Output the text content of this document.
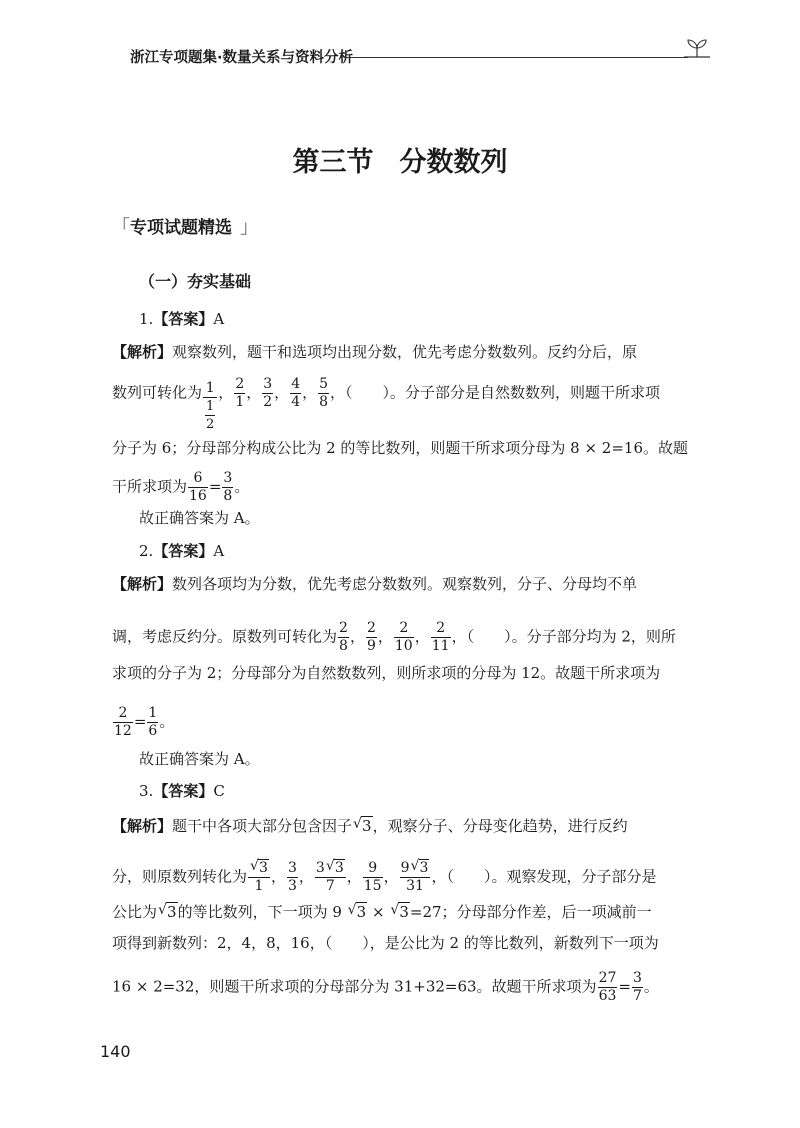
浙江专项题集·数量关系与资料分析
第三节 分数数列
「专项试题精选 」
（一）夯实基础
1.【答案】A
【解析】观察数列，题干和选项均出现分数，优先考虑分数数列。反约分后，原
数列可转化为 $\frac{1}{\frac{1}{2}}$ ， $\frac{2}{1}$ ， $\frac{3}{2}$ ， $\frac{4}{4}$ ， $\frac{5}{8}$ ，（　　）。分子部分是自然数数列，则题干所求项
分子为 6；分母部分构成公比为 2 的等比数列，则题干所求项分母为 8 × 2=16。故题
干所求项为 $\frac{6}{16} = \frac{3}{8}$ 。
故正确答案为 A。
2.【答案】A
【解析】数列各项均为分数，优先考虑分数数列。观察数列，分子、分母均不单
调，考虑反约分。原数列可转化为 $\frac{2}{8}$ ， $\frac{2}{9}$ ， $\frac{2}{10}$ ， $\frac{2}{11}$ ，（　　）。分子部分均为 2，则所
求项的分子为 2；分母部分为自然数数列，则所求项的分母为 12。故题干所求项为
$\frac{2}{12} = \frac{1}{6}$ 。
故正确答案为 A。
3.【答案】C
【解析】题干中各项大部分包含因子 √ 3，观察分子、分母变化趋势，进行反约
分，则原数列转化为 √ $\frac{3}{1}$ ， $\frac{3}{3}$ ， $\frac{3 √ 3}{7}$ ， $\frac{9}{15}$ ， $\frac{9 √ 3}{31}$ ，（　　）。观察发现，分子部分是
公比为 √ 3的等比数列，下一项为 9 √ 3 × √ 3=27；分母部分作差，后一项减前一
项得到新数列：2，4，8，16，（　　），是公比为 2 的等比数列，新数列下一项为
16 × 2=32，则题干所求项的分母部分为 31+32=63。故题干所求项为 $\frac{27}{63} = \frac{3}{7}$ 。
140
